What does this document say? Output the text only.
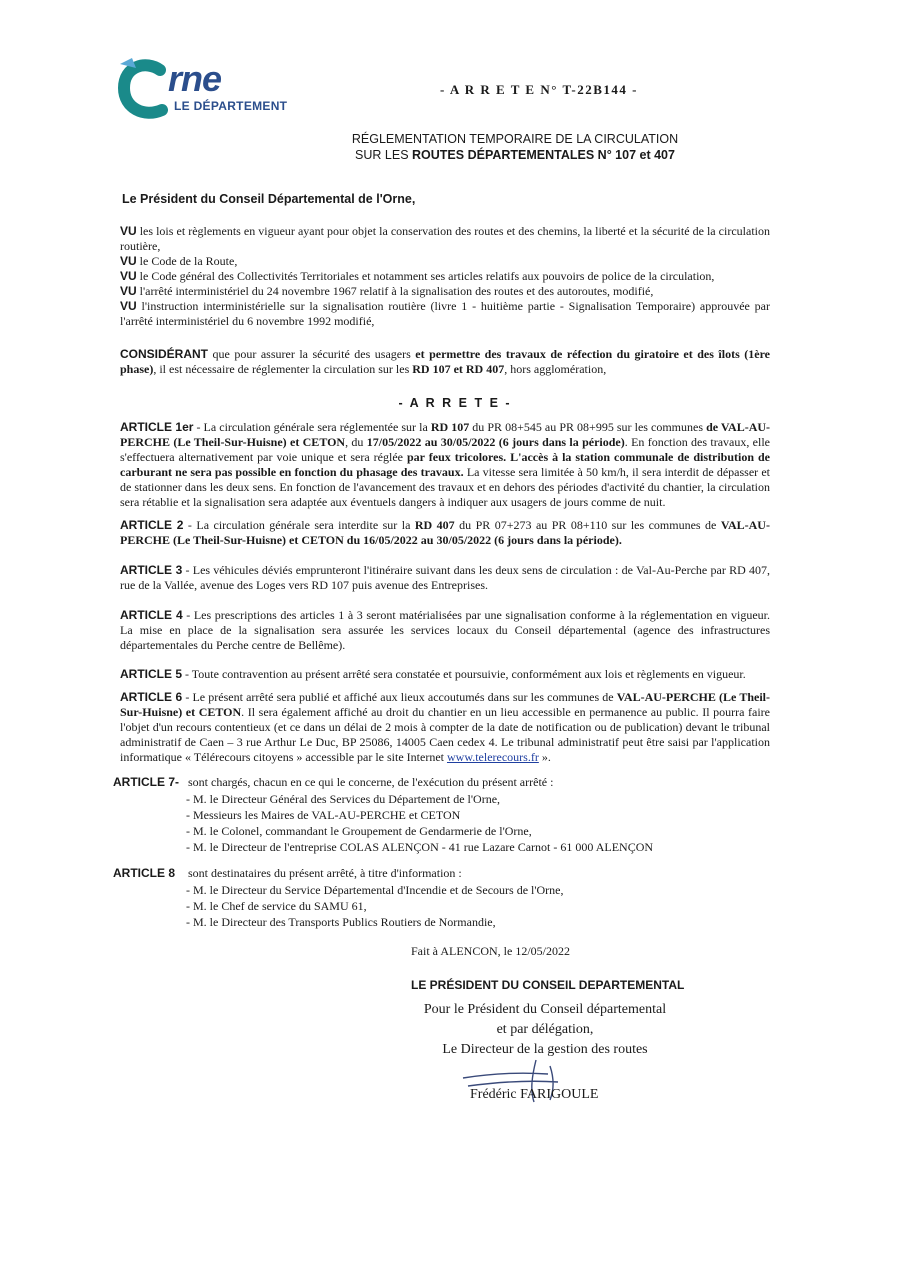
rne
LE DÉPARTEMENT
- A R R E T E N° T-22B144 -
RÉGLEMENTATION TEMPORAIRE DE LA CIRCULATION
SUR LES ROUTES DÉPARTEMENTALES N° 107 et 407
Le Président du Conseil Départemental de l'Orne,

VU les lois et règlements en vigueur ayant pour objet la conservation des routes et des chemins, la liberté et la sécurité de la circulation routière,

VU le Code de la Route,

VU le Code général des Collectivités Territoriales et notamment ses articles relatifs aux pouvoirs de police de la circulation,

VU l'arrêté interministériel du 24 novembre 1967 relatif à la signalisation des routes et des autoroutes, modifié,

VU l'instruction interministérielle sur la signalisation routière (livre 1 - huitième partie - Signalisation Temporaire) approuvée par l'arrêté interministériel du 6 novembre 1992 modifié,

CONSIDÉRANT que pour assurer la sécurité des usagers et permettre des travaux de réfection du giratoire et des îlots (1ère phase), il est nécessaire de réglementer la circulation sur les RD 107 et RD 407, hors agglomération,
- A R R E T E -
ARTICLE 1er - La circulation générale sera réglementée sur la RD 107 du PR 08+545 au PR 08+995 sur les communes de VAL-AU-PERCHE (Le Theil-Sur-Huisne) et CETON, du 17/05/2022 au 30/05/2022 (6 jours dans la période). En fonction des travaux, elle s'effectuera alternativement par voie unique et sera réglée par feux tricolores. L'accès à la station communale de distribution de carburant ne sera pas possible en fonction du phasage des travaux. La vitesse sera limitée à 50 km/h, il sera interdit de dépasser et de stationner dans les deux sens. En fonction de l'avancement des travaux et en dehors des périodes d'activité du chantier, la circulation sera rétablie et la signalisation sera adaptée aux éventuels dangers à indiquer aux usagers de jours comme de nuit.
ARTICLE 2 - La circulation générale sera interdite sur la RD 407 du PR 07+273 au PR 08+110 sur les communes de VAL-AU-PERCHE (Le Theil-Sur-Huisne) et CETON du 16/05/2022 au 30/05/2022 (6 jours dans la période).
ARTICLE 3 - Les véhicules déviés emprunteront l'itinéraire suivant dans les deux sens de circulation : de Val-Au-Perche par RD 407, rue de la Vallée, avenue des Loges vers RD 107 puis avenue des Entreprises.
ARTICLE 4 - Les prescriptions des articles 1 à 3 seront matérialisées par une signalisation conforme à la réglementation en vigueur. La mise en place de la signalisation sera assurée les services locaux du Conseil départemental (agence des infrastructures départementales du Perche centre de Bellême).
ARTICLE 5 - Toute contravention au présent arrêté sera constatée et poursuivie, conformément aux lois et règlements en vigueur.
ARTICLE 6 - Le présent arrêté sera publié et affiché aux lieux accoutumés dans sur les communes de VAL-AU-PERCHE (Le Theil-Sur-Huisne) et CETON. Il sera également affiché au droit du chantier en un lieu accessible en permanence au public. Il pourra faire l'objet d'un recours contentieux (et ce dans un délai de 2 mois à compter de la date de notification ou de publication) devant le tribunal administratif de Caen – 3 rue Arthur Le Duc, BP 25086, 14005 Caen cedex 4. Le tribunal administratif peut être saisi par l'application informatique « Télérecours citoyens » accessible par le site Internet www.telerecours.fr ».
ARTICLE 7- sont chargés, chacun en ce qui le concerne, de l'exécution du présent arrêté :
- M. le Directeur Général des Services du Département de l'Orne,
- Messieurs les Maires de VAL-AU-PERCHE et CETON
- M. le Colonel, commandant le Groupement de Gendarmerie de l'Orne,
- M. le Directeur de l'entreprise COLAS ALENÇON - 41 rue Lazare Carnot - 61 000 ALENÇON
ARTICLE 8 sont destinataires du présent arrêté, à titre d'information :
- M. le Directeur du Service Départemental d'Incendie et de Secours de l'Orne,
- M. le Chef de service du SAMU 61,
- M. le Directeur des Transports Publics Routiers de Normandie,
Fait à ALENCON, le 12/05/2022
LE PRÉSIDENT DU CONSEIL DEPARTEMENTAL
Pour le Président du Conseil départemental
et par délégation,
Le Directeur de la gestion des routes
Frédéric FARIGOULE
